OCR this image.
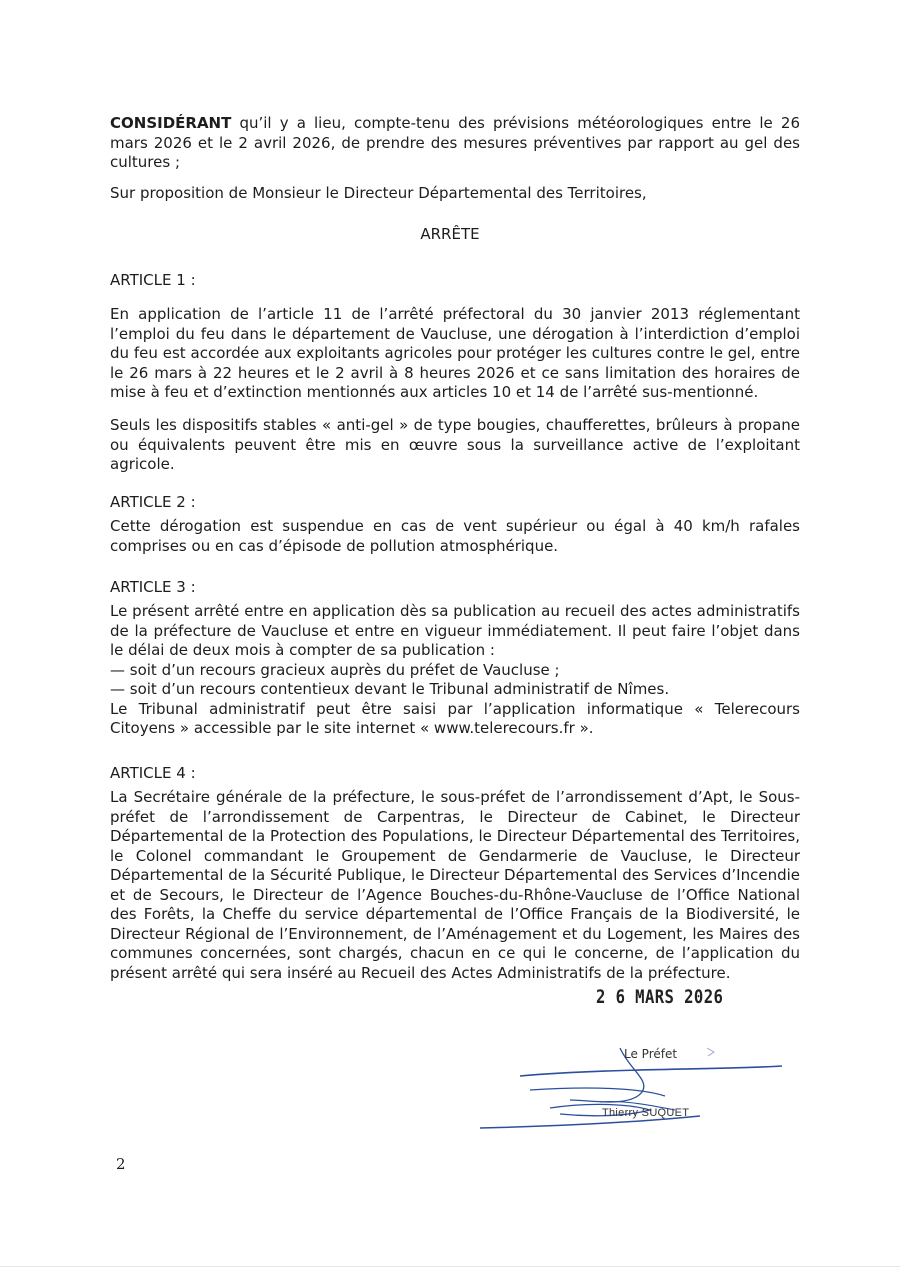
CONSIDÉRANT qu’il y a lieu, compte-tenu des prévisions météorologiques entre le 26 mars 2026 et le 2 avril 2026, de prendre des mesures préventives par rapport au gel des cultures ;

Sur proposition de Monsieur le Directeur Départemental des Territoires,

ARRÊTE

ARTICLE 1 :

En application de l’article 11 de l’arrêté préfectoral du 30 janvier 2013 réglementant l’emploi du feu dans le département de Vaucluse, une dérogation à l’interdiction d’emploi du feu est accordée aux exploitants agricoles pour protéger les cultures contre le gel, entre le 26 mars à 22 heures et le 2 avril à 8 heures 2026 et ce sans limitation des horaires de mise à feu et d’extinction mentionnés aux articles 10 et 14 de l’arrêté sus-mentionné.

Seuls les dispositifs stables « anti-gel » de type bougies, chaufferettes, brûleurs à propane ou équivalents peuvent être mis en œuvre sous la surveillance active de l’exploitant agricole.

ARTICLE 2 :

Cette dérogation est suspendue en cas de vent supérieur ou égal à 40 km/h rafales comprises ou en cas d’épisode de pollution atmosphérique.

ARTICLE 3 :

Le présent arrêté entre en application dès sa publication au recueil des actes administratifs de la préfecture de Vaucluse et entre en vigueur immédiatement. Il peut faire l’objet dans le délai de deux mois à compter de sa publication :
— soit d’un recours gracieux auprès du préfet de Vaucluse ;
— soit d’un recours contentieux devant le Tribunal administratif de Nîmes.
Le Tribunal administratif peut être saisi par l’application informatique « Telerecours Citoyens » accessible par le site internet « www.telerecours.fr ».

ARTICLE 4 :

La Secrétaire générale de la préfecture, le sous-préfet de l’arrondissement d’Apt, le Sous-préfet de l’arrondissement de Carpentras, le Directeur de Cabinet, le Directeur Départemental de la Protection des Populations, le Directeur Départemental des Territoires, le Colonel commandant le Groupement de Gendarmerie de Vaucluse, le Directeur Départemental de la Sécurité Publique, le Directeur Départemental des Services d’Incendie et de Secours, le Directeur de l’Agence Bouches-du-Rhône-Vaucluse de l’Office National des Forêts, la Cheffe du service départemental de l’Office Français de la Biodiversité, le Directeur Régional de l’Environnement, de l’Aménagement et du Logement, les Maires des communes concernées, sont chargés, chacun en ce qui le concerne, de l’application du présent arrêté qui sera inséré au Recueil des Actes Administratifs de la préfecture.

2 6 MARS 2026
Le Préfet
Thierry SUQUET
2
